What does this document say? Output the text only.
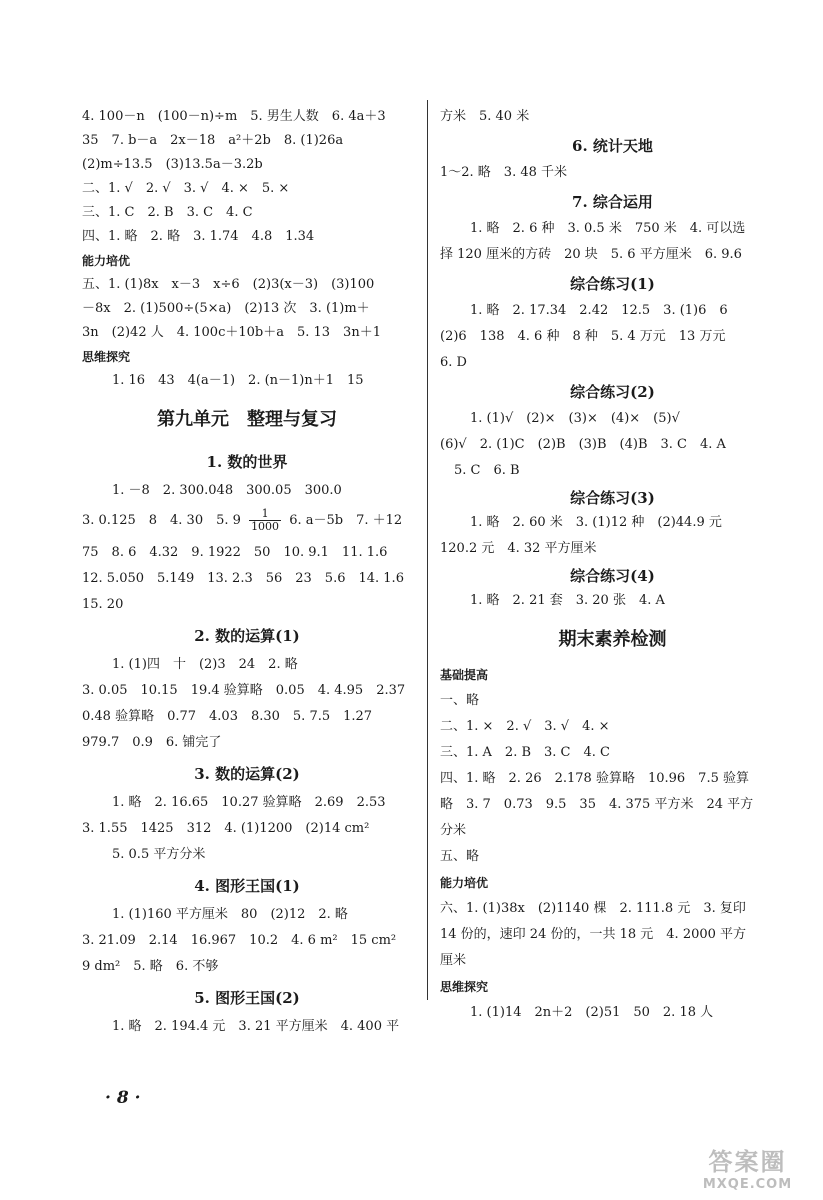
4. 100－n　(100－n)÷m　5. 男生人数　6. 4a＋3
35　7. b－a　2x－18　a²＋2b　8. (1)26a
(2)m÷13.5　(3)13.5a－3.2b
二、1. √　2. √　3. √　4. ×　5. ×
三、1. C　2. B　3. C　4. C
四、1. 略　2. 略　3. 1.74　4.8　1.34
能力培优
五、1. (1)8x　x－3　x÷6　(2)3(x－3)　(3)100
－8x　2. (1)500÷(5×a)　(2)13 次　3. (1)m＋
3n　(2)42 人　4. 100c＋10b＋a　5. 13　3n＋1
思维探究
1. 16　43　4(a－1)　2. (n－1)n＋1　15
第九单元　整理与复习
1. 数的世界
1. －8　2. 300.048　300.05　300.0
3. 0.125　8　4. 30　5. $9 \frac{1}{1000} 6$. a－5b　7. ＋12
75　8. 6　4.32　9. 1922　50　10. 9.1　11. 1.6
12. 5.050　5.149　13. 2.3　56　23　5.6　14. 1.6
15. 20
2. 数的运算(1)
1. (1)四　十　(2)3　24　2. 略
3. 0.05　10.15　19.4 验算略　0.05　4. 4.95　2.37
0.48 验算略　0.77　4.03　8.30　5. 7.5　1.27
979.7　0.9　6. 铺完了
3. 数的运算(2)
1. 略　2. 16.65　10.27 验算略　2.69　2.53
3. 1.55　1425　312　4. (1)1200　(2)14 cm²
5. 0.5 平方分米
4. 图形王国(1)
1. (1)160 平方厘米　80　(2)12　2. 略
3. 21.09　2.14　16.967　10.2　4. 6 m²　15 cm²
9 dm²　5. 略　6. 不够
5. 图形王国(2)
1. 略　2. 194.4 元　3. 21 平方厘米　4. 400 平
方米　5. 40 米
6. 统计天地
1～2. 略　3. 48 千米
7. 综合运用
1. 略　2. 6 种　3. 0.5 米　750 米　4. 可以选
择 120 厘米的方砖　20 块　5. 6 平方厘米　6. 9.6
综合练习(1)
1. 略　2. 17.34　2.42　12.5　3. (1)6　6
(2)6　138　4. 6 种　8 种　5. 4 万元　13 万元
6. D
综合练习(2)
1. (1)√　(2)×　(3)×　(4)×　(5)√
(6)√　2. (1)C　(2)B　(3)B　(4)B　3. C　4. A
5. C　6. B
综合练习(3)
1. 略　2. 60 米　3. (1)12 种　(2)44.9 元
120.2 元　4. 32 平方厘米
综合练习(4)
1. 略　2. 21 套　3. 20 张　4. A
期末素养检测
基础提高
一、略
二、1. ×　2. √　3. √　4. ×
三、1. A　2. B　3. C　4. C
四、1. 略　2. 26　2.178 验算略　10.96　7.5 验算
略　3. 7　0.73　9.5　35　4. 375 平方米　24 平方
分米
五、略
能力培优
六、1. (1)38x　(2)1140 棵　2. 111.8 元　3. 复印
14 份的，速印 24 份的，一共 18 元　4. 2000 平方
厘米
思维探究
1. (1)14　2n＋2　(2)51　50　2. 18 人
· 8 ·
答案圈
MXQE.COM
